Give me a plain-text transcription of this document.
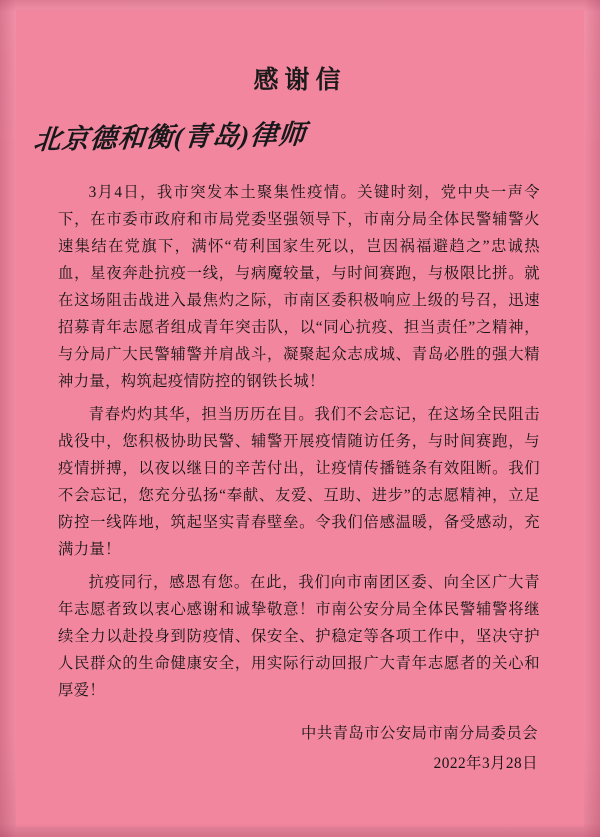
感谢信
北京德和衡(青岛)律师

3月4日，我市突发本土聚集性疫情。关键时刻，党中央一声令下，在市委市政府和市局党委坚强领导下，市南分局全体民警辅警火速集结在党旗下，满怀“苟利国家生死以，岂因祸福避趋之”忠诚热血，星夜奔赴抗疫一线，与病魔较量，与时间赛跑，与极限比拼。就在这场阻击战进入最焦灼之际，市南区委积极响应上级的号召，迅速招募青年志愿者组成青年突击队，以“同心抗疫、担当责任”之精神，与分局广大民警辅警并肩战斗，凝聚起众志成城、青岛必胜的强大精神力量，构筑起疫情防控的钢铁长城！

青春灼灼其华，担当历历在目。我们不会忘记，在这场全民阻击战役中，您积极协助民警、辅警开展疫情随访任务，与时间赛跑，与疫情拼搏，以夜以继日的辛苦付出，让疫情传播链条有效阻断。我们不会忘记，您充分弘扬“奉献、友爱、互助、进步”的志愿精神，立足防控一线阵地，筑起坚实青春壁垒。令我们倍感温暖，备受感动，充满力量！

抗疫同行，感恩有您。在此，我们向市南团区委、向全区广大青年志愿者致以衷心感谢和诚挚敬意！市南公安分局全体民警辅警将继续全力以赴投身到防疫情、保安全、护稳定等各项工作中，坚决守护人民群众的生命健康安全，用实际行动回报广大青年志愿者的关心和厚爱！

中共青岛市公安局市南分局委员会
2022年3月28日
